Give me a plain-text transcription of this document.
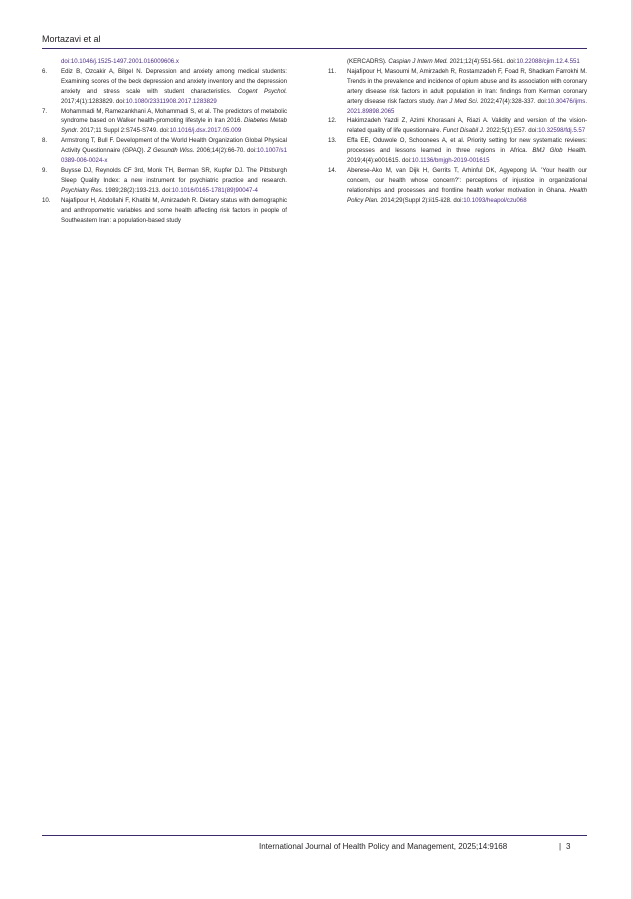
Mortazavi et al
doi:10.1046/j.1525-1497.2001.016009606.x
6. Ediz B, Ozcakir A, Bilgel N. Depression and anxiety among medical students: Examining scores of the beck depression and anxiety inventory and the depression anxiety and stress scale with student characteristics. Cogent Psychol. 2017;4(1):1283829. doi:10.1080/23311908.2017.1283829
7. Mohammadi M, Ramezankhani A, Mohammadi S, et al. The predictors of metabolic syndrome based on Walker health-promoting lifestyle in Iran 2016. Diabetes Metab Syndr. 2017;11 Suppl 2:S745-S749. doi:10.1016/j.dsx.2017.05.009
8. Armstrong T, Bull F. Development of the World Health Organization Global Physical Activity Questionnaire (GPAQ). Z Gesundh Wiss. 2006;14(2):66-70. doi:10.1007/s10389-006-0024-x
9. Buysse DJ, Reynolds CF 3rd, Monk TH, Berman SR, Kupfer DJ. The Pittsburgh Sleep Quality Index: a new instrument for psychiatric practice and research. Psychiatry Res. 1989;28(2):193-213. doi:10.1016/0165-1781(89)90047-4
10. Najafipour H, Abdollahi F, Khatibi M, Amirzadeh R. Dietary status with demographic and anthropometric variables and some health affecting risk factors in people of Southeastern Iran: a population-based study
(KERCADRS). Caspian J Intern Med. 2021;12(4):551-561. doi:10.22088/cjim.12.4.551
11. Najafipour H, Masoumi M, Amirzadeh R, Rostamzadeh F, Foad R, Shadkam Farrokhi M. Trends in the prevalence and incidence of opium abuse and its association with coronary artery disease risk factors in adult population in Iran: findings from Kerman coronary artery disease risk factors study. Iran J Med Sci. 2022;47(4):328-337. doi:10.30476/ijms.2021.89898.2065
12. Hakimzadeh Yazdi Z, Azimi Khorasani A, Riazi A. Validity and version of the vision-related quality of life questionnaire. Funct Disabil J. 2022;5(1):E57. doi:10.32598/fdj.5.57
13. Effa EE, Oduwole O, Schoonees A, et al. Priority setting for new systematic reviews: processes and lessons learned in three regions in Africa. BMJ Glob Health. 2019;4(4):e001615. doi:10.1136/bmjgh-2019-001615
14. Aberese-Ako M, van Dijk H, Gerrits T, Arhinful DK, Agyepong IA. 'Your health our concern, our health whose concern?': perceptions of injustice in organizational relationships and processes and frontline health worker motivation in Ghana. Health Policy Plan. 2014;29(Suppl 2):ii15-ii28. doi:10.1093/heapol/czu068
International Journal of Health Policy and Management, 2025;14:9168	| 3
